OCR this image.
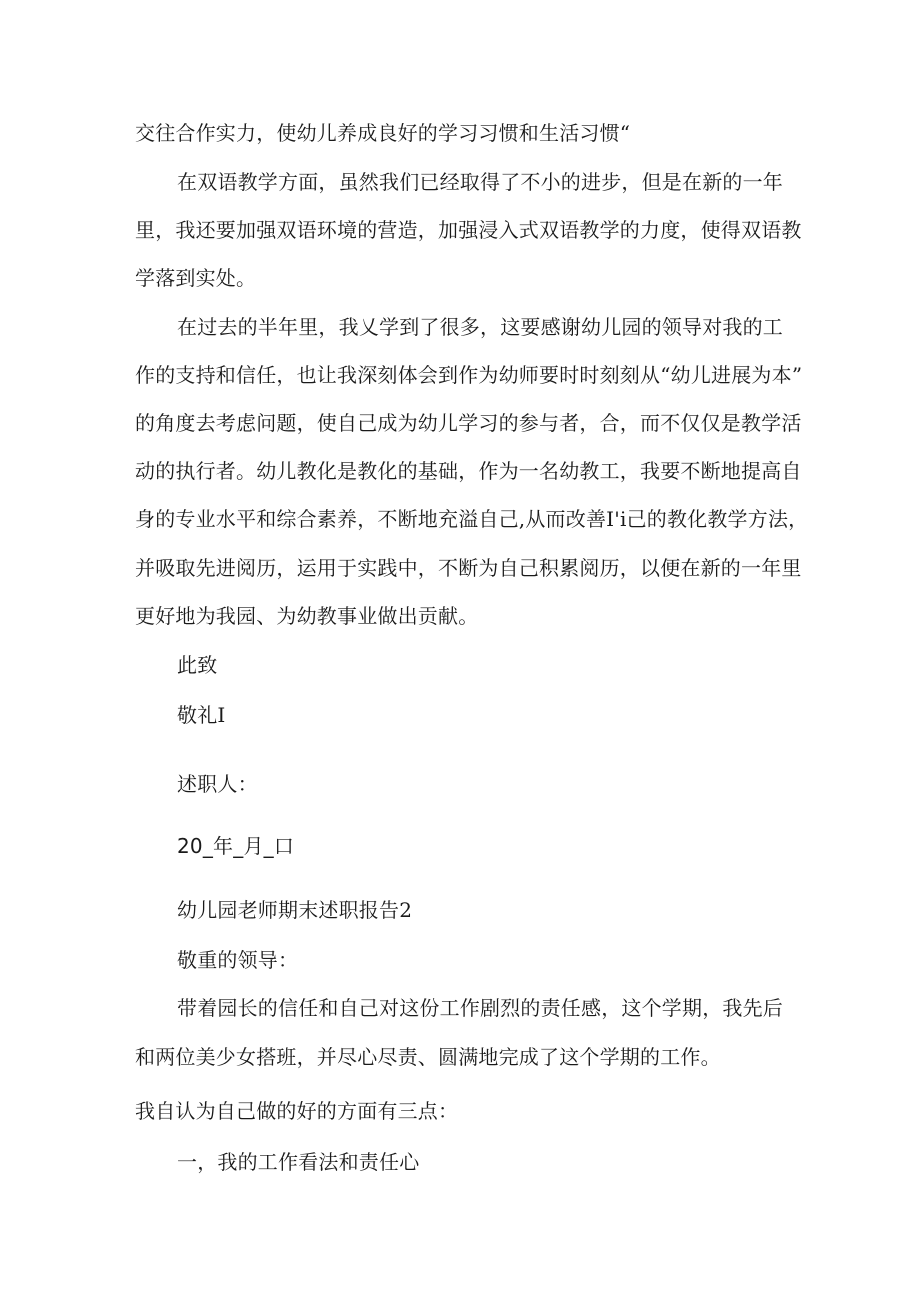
交往合作实力，使幼儿养成良好的学习习惯和生活习惯“
在双语教学方面，虽然我们已经取得了不小的进步，但是在新的一年
里，我还要加强双语环境的营造，加强浸入式双语教学的力度，使得双语教
学落到实处。
在过去的半年里，我乂学到了很多，这要感谢幼儿园的领导对我的工
作的支持和信任，也让我深刻体会到作为幼师要时时刻刻从“幼儿进展为本”
的角度去考虑问题，使自己成为幼儿学习的参与者，合，而不仅仅是教学活
动的执行者。幼儿教化是教化的基础，作为一名幼教工，我要不断地提高自
身的专业水平和综合素养，不断地充溢自己,从而改善I'i己的教化教学方法，
并吸取先进阅历，运用于实践中，不断为自己积累阅历，以便在新的一年里
更好地为我园、为幼教事业做出贡献。
此致
敬礼I
述职人：
20_年_月_口
幼儿园老师期末述职报告2
敬重的领导：
带着园长的信任和自己对这份工作剧烈的责任感，这个学期，我先后
和两位美少女搭班，并尽心尽责、圆满地完成了这个学期的工作。
我自认为自己做的好的方面有三点：
一，我的工作看法和责任心
